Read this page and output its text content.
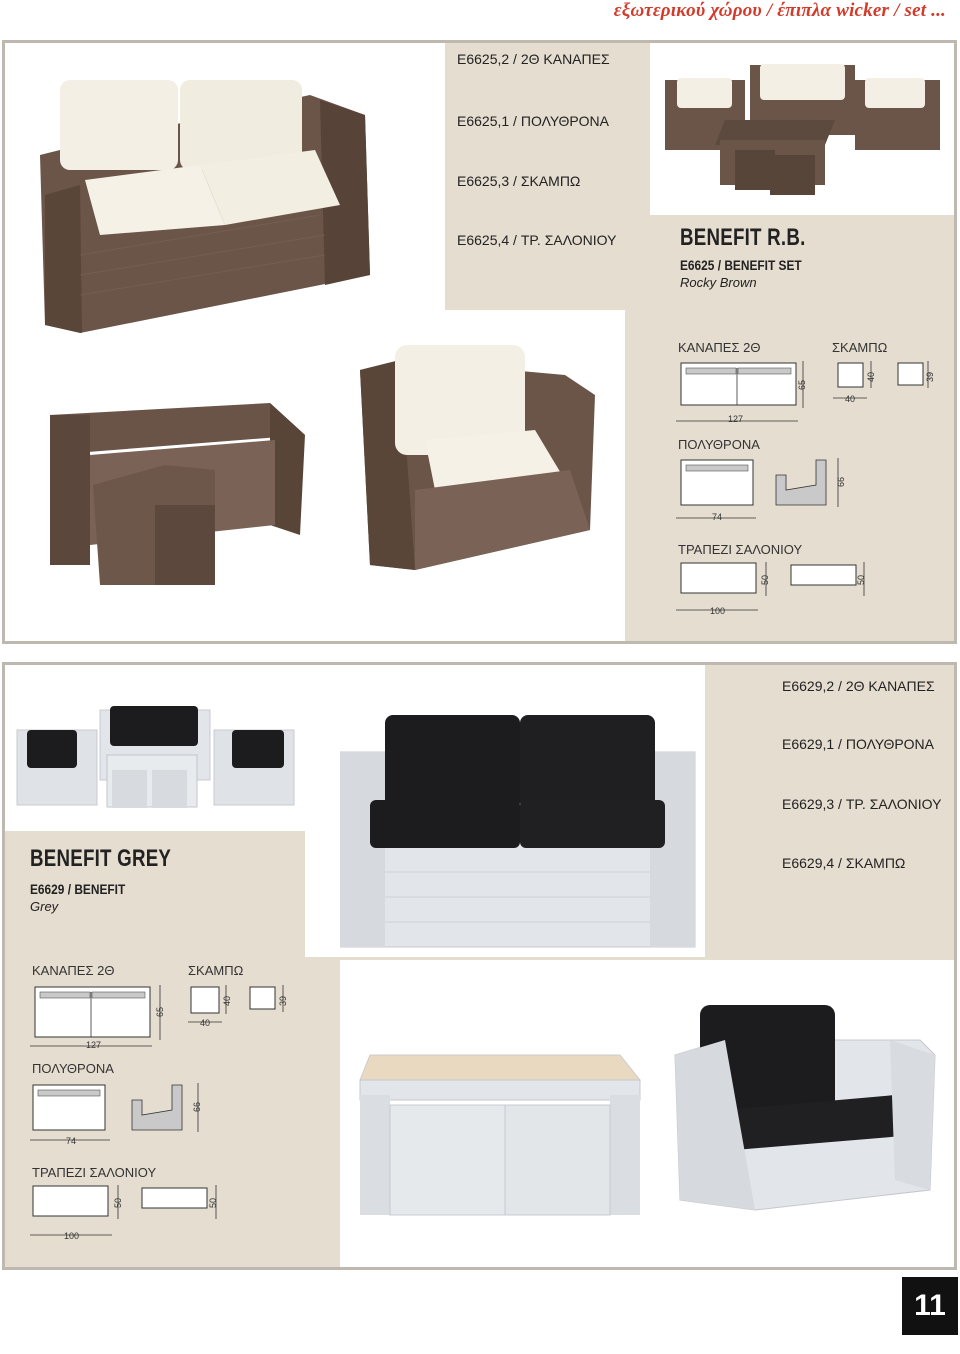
εξωτερικού χώρου / έπιπλα wicker / set ...
E6625,2 / 2Θ ΚΑΝΑΠΕΣ
E6625,1 / ΠΟΛΥΘΡΟΝΑ
E6625,3 / ΣΚΑΜΠΩ
E6625,4 / ΤΡ. ΣΑΛΟΝΙΟΥ	BENEFIT R.B.
E6625 / BENEFIT SET
Rocky Brown
ΚΑΝΑΠΕΣ 2Θ	ΣΚΑΜΠΩ
ΠΟΛΥΘΡΟΝΑ
ΤΡΑΠΕΖΙ ΣΑΛΟΝΙΟΥ
65
127
40
40
39
66
74
50
100
50
E6629,2 / 2Θ ΚΑΝΑΠΕΣ
E6629,1 / ΠΟΛΥΘΡΟΝΑ
E6629,3 / ΤΡ. ΣΑΛΟΝΙΟΥ
E6629,4 / ΣΚΑΜΠΩ
BENEFIT GREY
E6629 / BENEFIT
Grey
ΚΑΝΑΠΕΣ 2Θ	ΣΚΑΜΠΩ
ΠΟΛΥΘΡΟΝΑ
ΤΡΑΠΕΖΙ ΣΑΛΟΝΙΟΥ
65
127
40
40
39
66
74
50
100
50
11
